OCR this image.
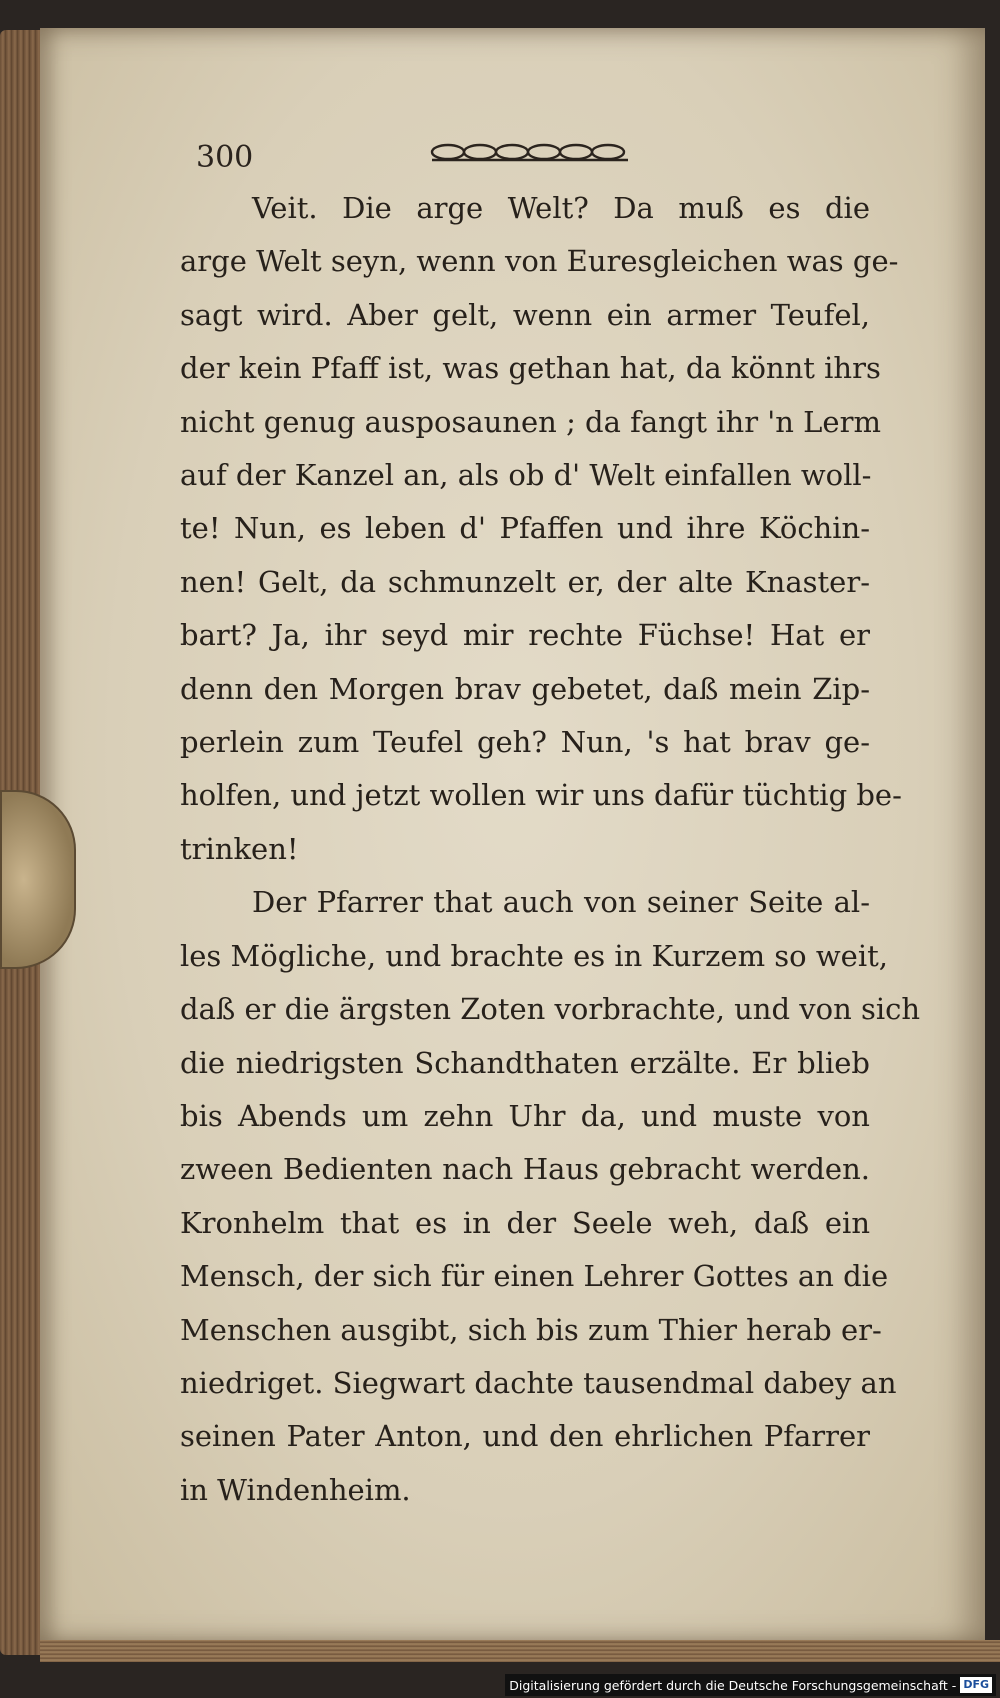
300
Veit. Die arge Welt? Da muß es die
arge Welt seyn, wenn von Euresgleichen was ge-
sagt wird. Aber gelt, wenn ein armer Teufel,
der kein Pfaff ist, was gethan hat, da könnt ihrs
nicht genug ausposaunen ; da fangt ihr 'n Lerm
auf der Kanzel an, als ob d' Welt einfallen woll-
te! Nun, es leben d' Pfaffen und ihre Köchin-
nen! Gelt, da schmunzelt er, der alte Knaster-
bart? Ja, ihr seyd mir rechte Füchse! Hat er
denn den Morgen brav gebetet, daß mein Zip-
perlein zum Teufel geh? Nun, 's hat brav ge-
holfen, und jetzt wollen wir uns dafür tüchtig be-
trinken!
Der Pfarrer that auch von seiner Seite al-
les Mögliche, und brachte es in Kurzem so weit,
daß er die ärgsten Zoten vorbrachte, und von sich
die niedrigsten Schandthaten erzälte. Er blieb
bis Abends um zehn Uhr da, und muste von
zween Bedienten nach Haus gebracht werden.
Kronhelm that es in der Seele weh, daß ein
Mensch, der sich für einen Lehrer Gottes an die
Menschen ausgibt, sich bis zum Thier herab er-
niedriget. Siegwart dachte tausendmal dabey an
seinen Pater Anton, und den ehrlichen Pfarrer
in Windenheim.
Digitalisierung gefördert durch die Deutsche Forschungsgemeinschaft - DFG
